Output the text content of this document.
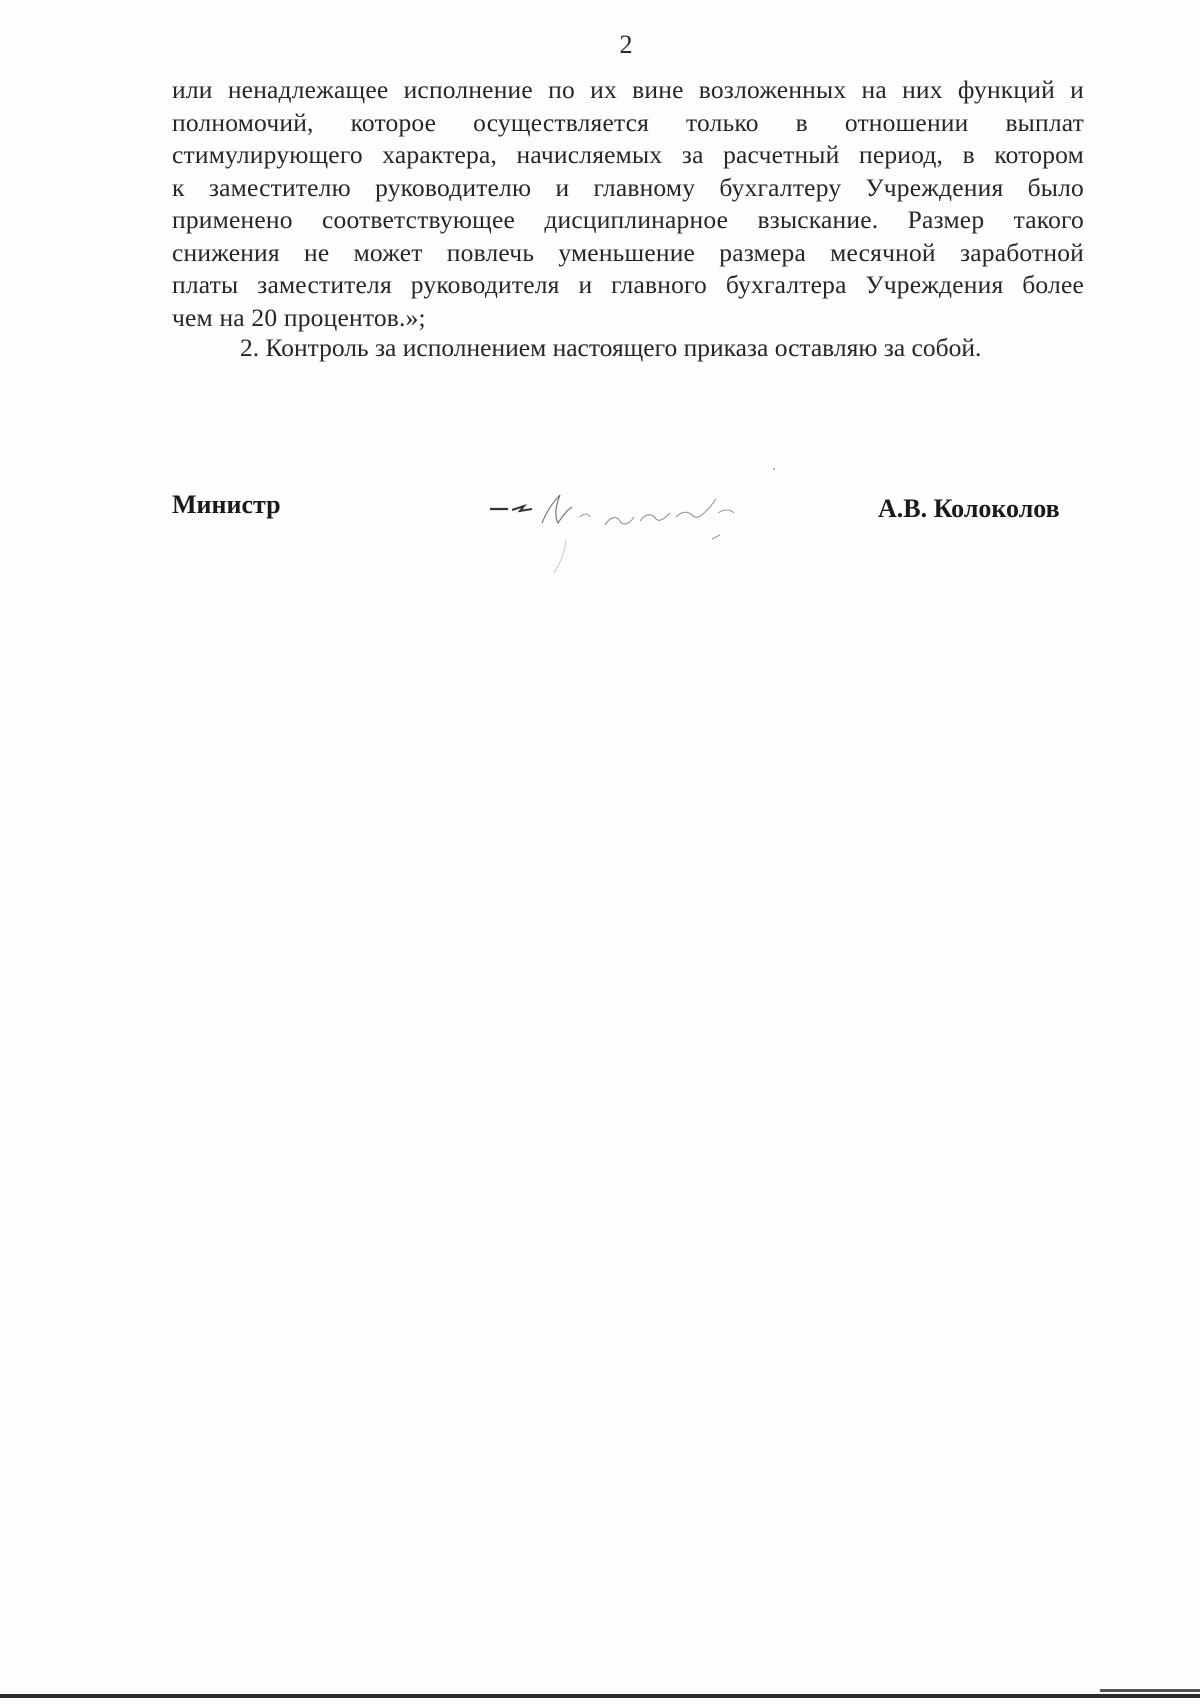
2
или ненадлежащее исполнение по их вине возложенных на них функций и
полномочий, которое осуществляется только в отношении выплат
стимулирующего характера, начисляемых за расчетный период, в котором
к заместителю руководителю и главному бухгалтеру Учреждения было
применено соответствующее дисциплинарное взыскание. Размер такого
снижения не может повлечь уменьшение размера месячной заработной
платы заместителя руководителя и главного бухгалтера Учреждения более
чем на 20 процентов.»;
2. Контроль за исполнением настоящего приказа оставляю за собой.
Министр	А.В. Колоколов
